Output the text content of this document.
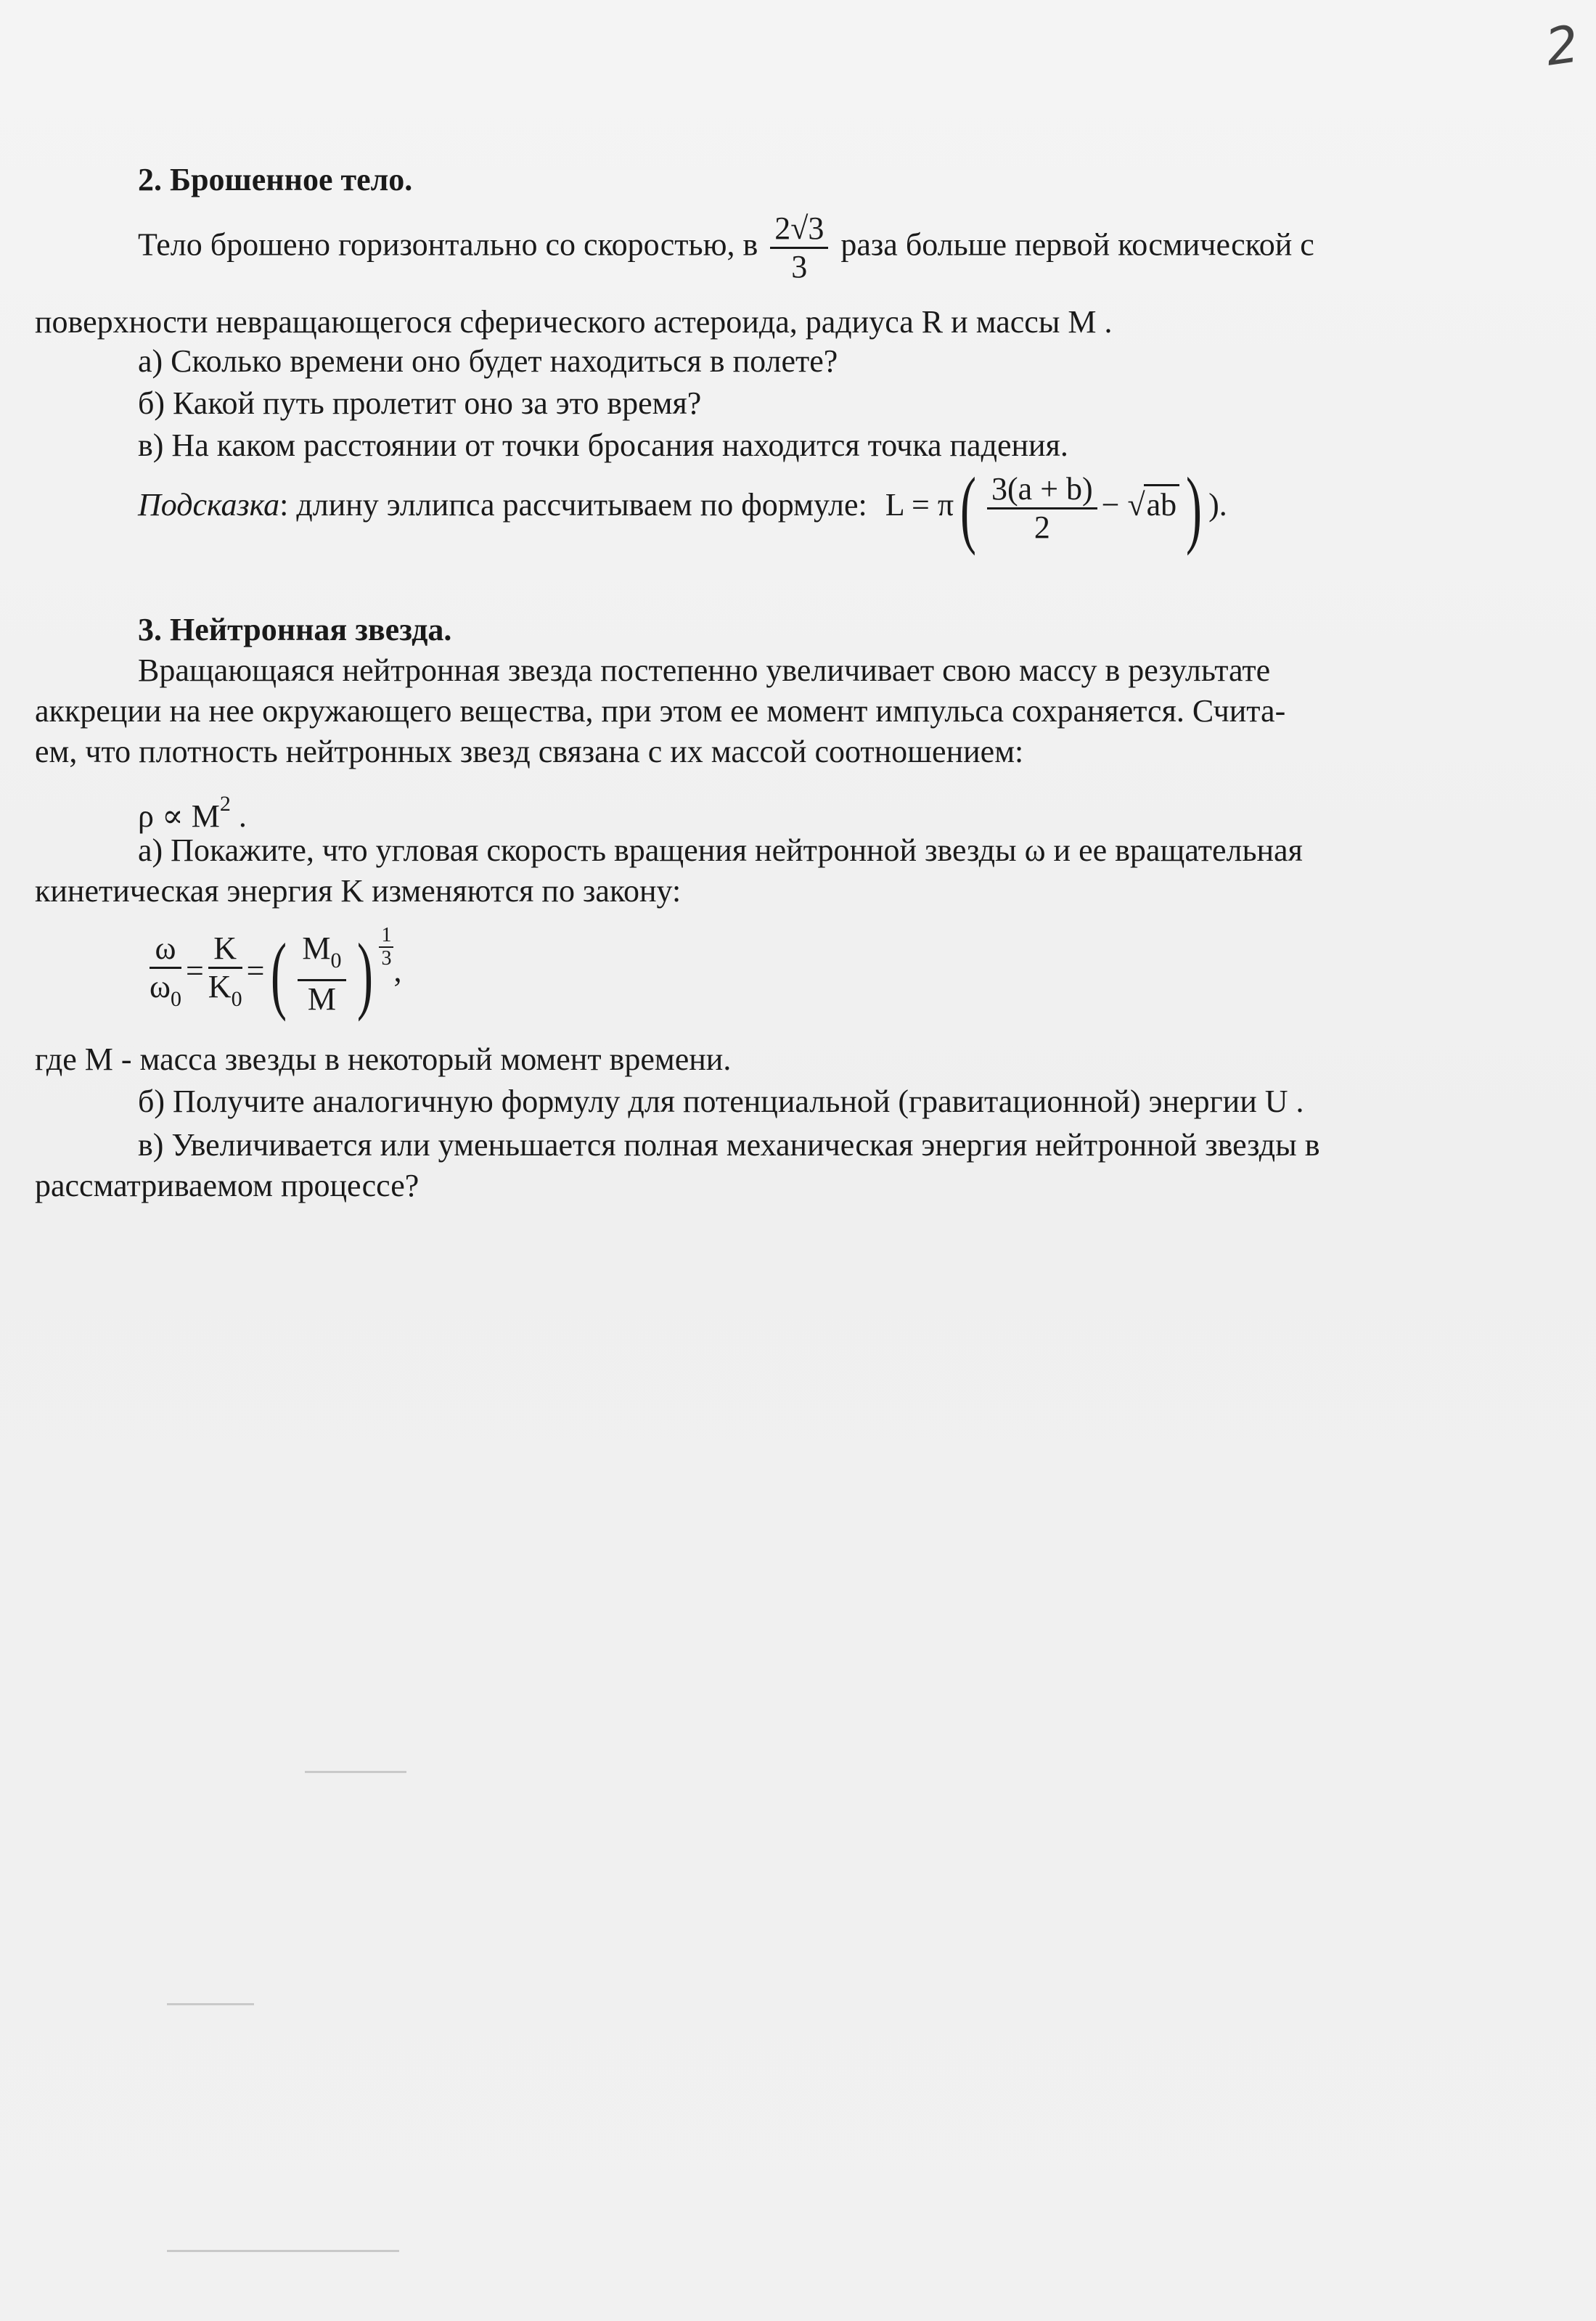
2
2. Брошенное тело.
Тело брошено горизонтально со скоростью, в $\frac{2√3}{3}$ раза больше первой космической с
поверхности невращающегося сферического астероида, радиуса R и массы M .
а) Сколько времени оно будет находиться в полете?
б) Какой путь пролетит оно за это время?
в) На каком расстоянии от точки бросания находится точка падения.
Подсказка: длину эллипса рассчитываем по формуле: $L = \pi( \frac{3(a + b)}{2} - √ab$ ) ).
3. Нейтронная звезда.
Вращающаяся нейтронная звезда постепенно увеличивает свою массу в результате
аккреции на нее окружающего вещества, при этом ее момент импульса сохраняется. Счита-
ем, что плотность нейтронных звезд связана с их массой соотношением:
$\rho \propto M^2$ .
а) Покажите, что угловая скорость вращения нейтронной звезды ω и ее вращательная
кинетическая энергия K изменяются по закону:
$\frac{\omega}{\omega_0} = \frac{K}{K_0}$ =( $\frac{M_0}{M}$ ) $\frac{1}{3}$
,
где M - масса звезды в некоторый момент времени.
б) Получите аналогичную формулу для потенциальной (гравитационной) энергии U .
в) Увеличивается или уменьшается полная механическая энергия нейтронной звезды в
рассматриваемом процессе?
